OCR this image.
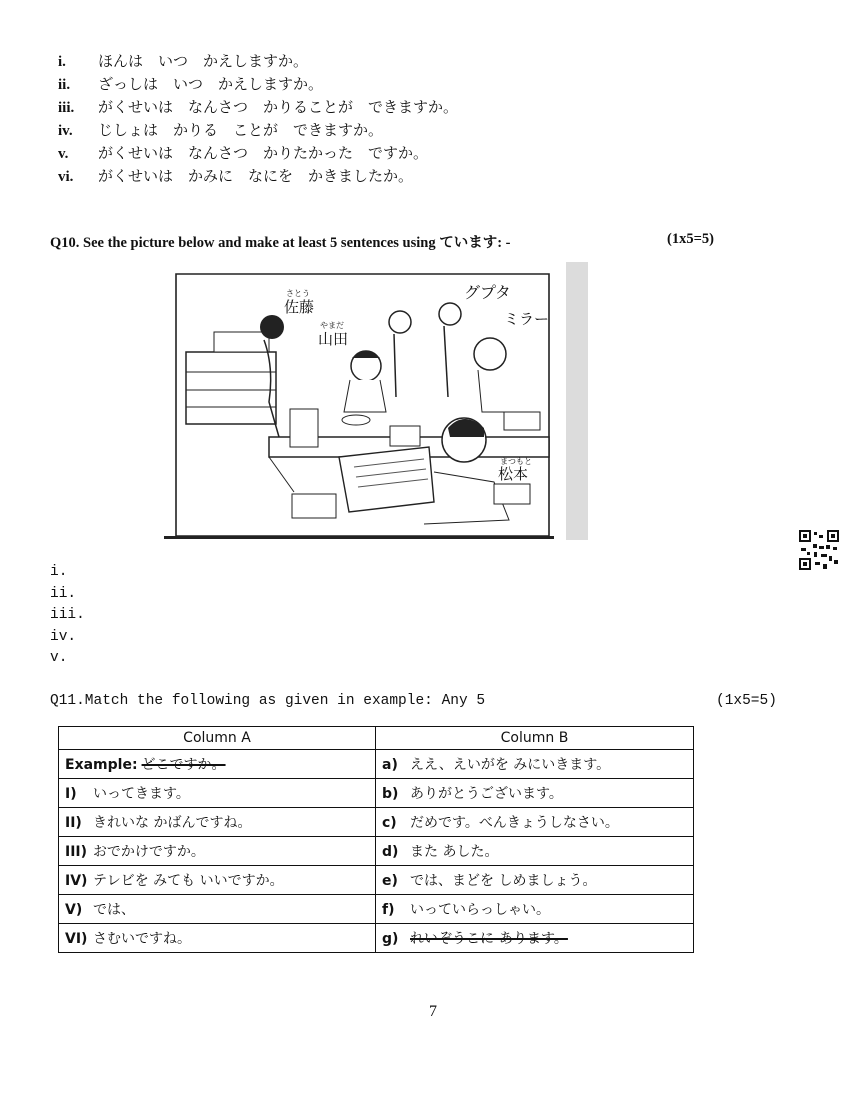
i. ほんは　いつ　かえしますか。
ii. ざっしは　いつ　かえしますか。
iii. がくせいは　なんさつ　かりることが　できますか。
iv. じしょは　かりる　ことが　できますか。
v. がくせいは　なんさつ　かりたかった　ですか。
vi. がくせいは　かみに　なにを　かきましたか。
Q10. See the picture below and make at least 5 sentences using ています: -	(1x5=5)
さとう
佐藤
やまだ
山田
グプタ
ミラー
まつもと
松本
i.
ii.
iii.
iv.
v.
Q11.Match the following as given in example: Any 5	(1x5=5)
Column A	Column B
Example: どこですか。	a) ええ、えいがを みにいきます。
I) いってきます。	b) ありがとうございます。
II) きれいな かばんですね。	c) だめです。べんきょうしなさい。
III) おでかけですか。	d) また あした。
IV) テレビを みても いいですか。	e) では、まどを しめましょう。
V) では、	f) いっていらっしゃい。
VI) さむいですね。	g) れいぞうこに-あります。
7
